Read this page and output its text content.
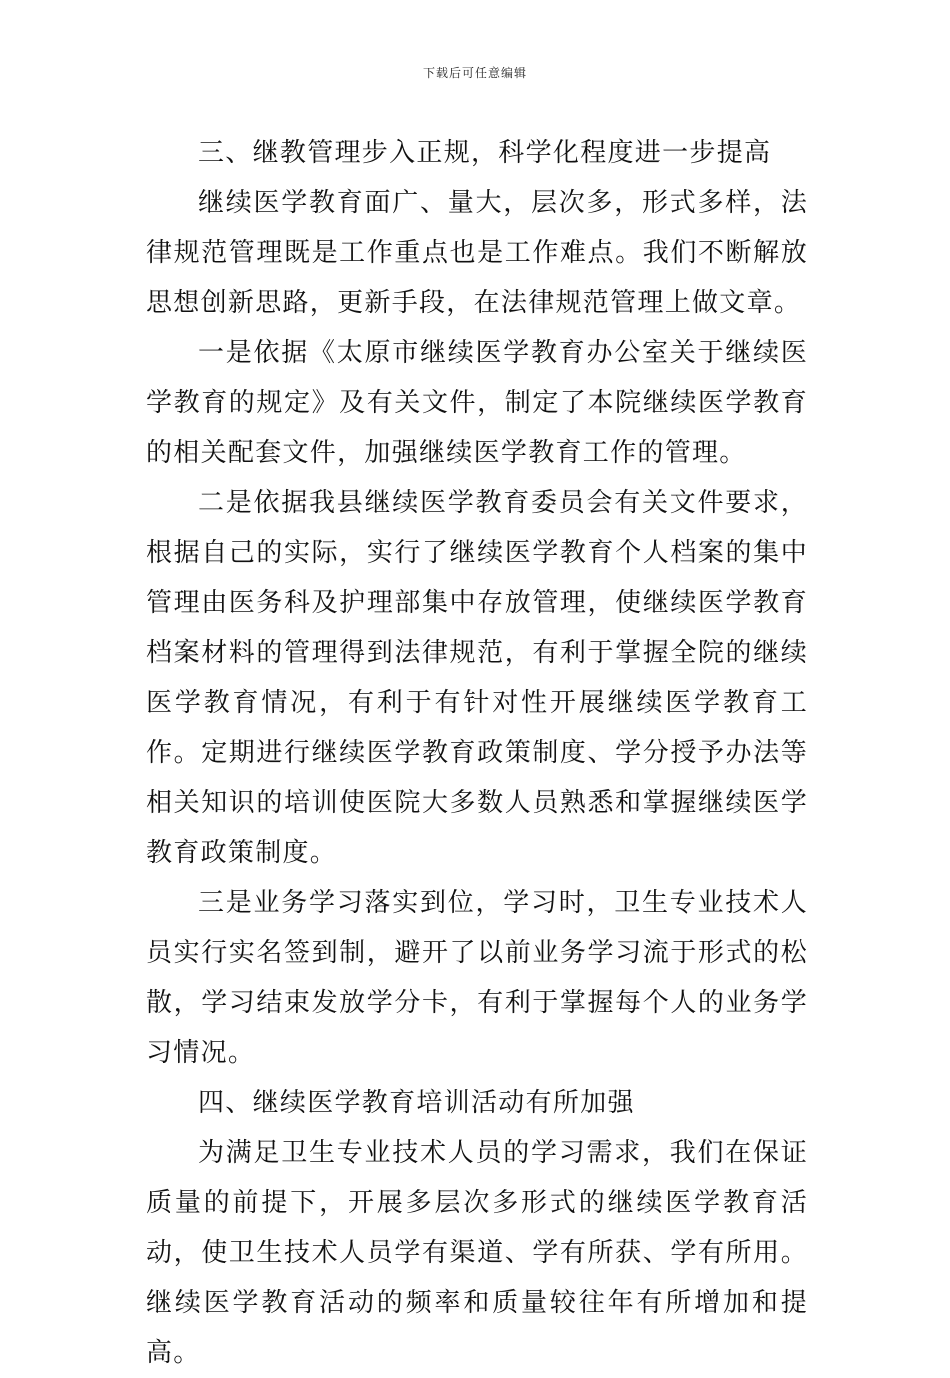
下载后可任意编辑

三、继教管理步入正规，科学化程度进一步提高

继续医学教育面广、量大，层次多，形式多样，法律规范管理既是工作重点也是工作难点。我们不断解放思想创新思路，更新手段，在法律规范管理上做文章。

一是依据《太原市继续医学教育办公室关于继续医学教育的规定》及有关文件，制定了本院继续医学教育的相关配套文件，加强继续医学教育工作的管理。

二是依据我县继续医学教育委员会有关文件要求，根据自己的实际，实行了继续医学教育个人档案的集中管理由医务科及护理部集中存放管理，使继续医学教育档案材料的管理得到法律规范，有利于掌握全院的继续医学教育情况，有利于有针对性开展继续医学教育工作。定期进行继续医学教育政策制度、学分授予办法等相关知识的培训使医院大多数人员熟悉和掌握继续医学教育政策制度。

三是业务学习落实到位，学习时，卫生专业技术人员实行实名签到制，避开了以前业务学习流于形式的松散，学习结束发放学分卡，有利于掌握每个人的业务学习情况。

四、继续医学教育培训活动有所加强

为满足卫生专业技术人员的学习需求，我们在保证质量的前提下，开展多层次多形式的继续医学教育活动，使卫生技术人员学有渠道、学有所获、学有所用。继续医学教育活动的频率和质量较往年有所增加和提高。
